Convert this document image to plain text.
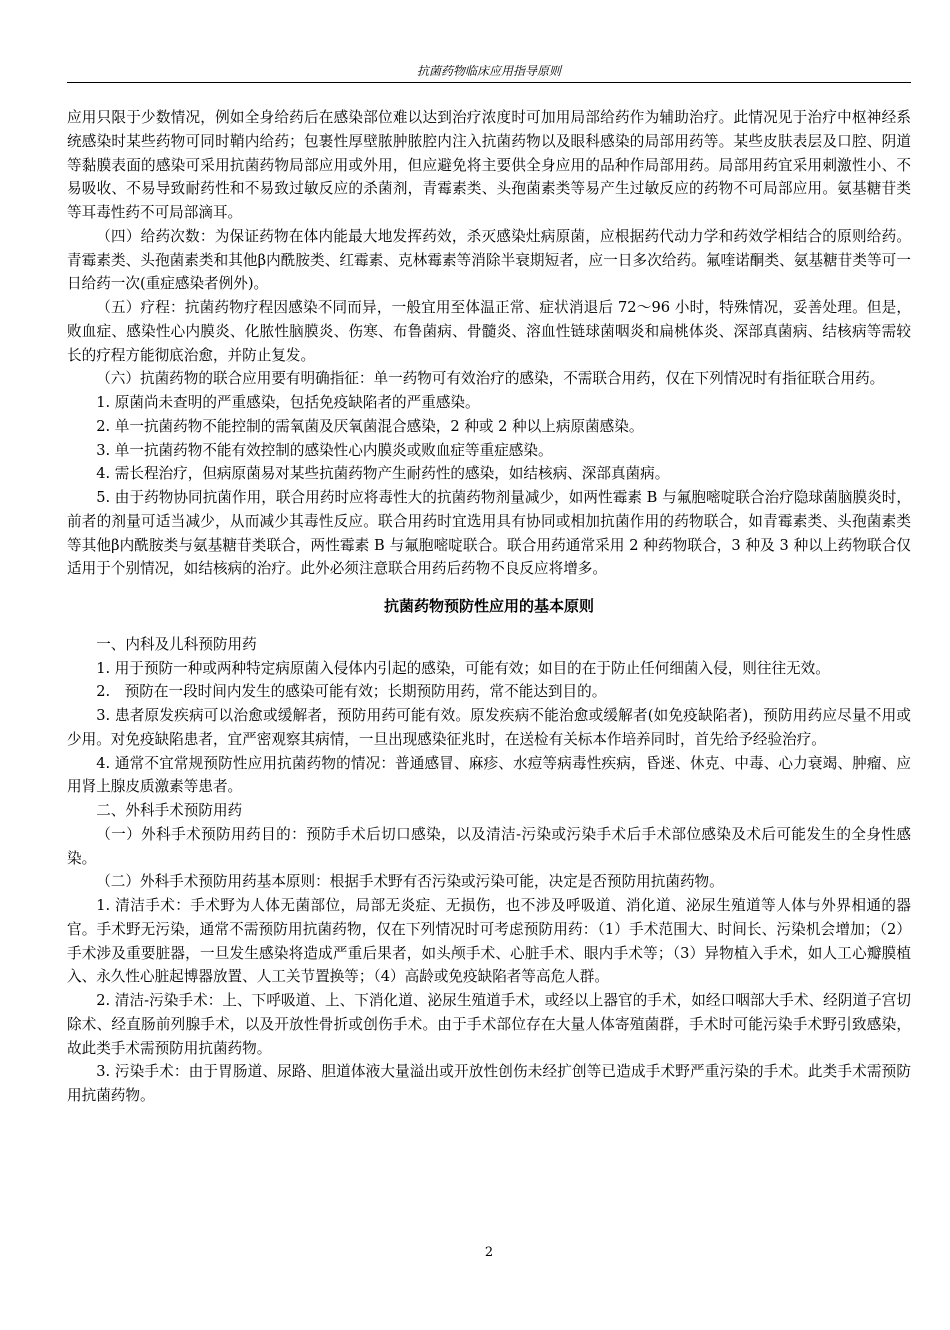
抗菌药物临床应用指导原则

应用只限于少数情况，例如全身给药后在感染部位难以达到治疗浓度时可加用局部给药作为辅助治疗。此情况见于治疗中枢神经系统感染时某些药物可同时鞘内给药；包裹性厚壁脓肿脓腔内注入抗菌药物以及眼科感染的局部用药等。某些皮肤表层及口腔、阴道等黏膜表面的感染可采用抗菌药物局部应用或外用，但应避免将主要供全身应用的品种作局部用药。局部用药宜采用刺激性小、不易吸收、不易导致耐药性和不易致过敏反应的杀菌剂，青霉素类、头孢菌素类等易产生过敏反应的药物不可局部应用。氨基糖苷类等耳毒性药不可局部滴耳。

（四）给药次数：为保证药物在体内能最大地发挥药效，杀灭感染灶病原菌，应根据药代动力学和药效学相结合的原则给药。青霉素类、头孢菌素类和其他β内酰胺类、红霉素、克林霉素等消除半衰期短者，应一日多次给药。氟喹诺酮类、氨基糖苷类等可一日给药一次(重症感染者例外)。

（五）疗程：抗菌药物疗程因感染不同而异，一般宜用至体温正常、症状消退后 72～96 小时，特殊情况，妥善处理。但是，败血症、感染性心内膜炎、化脓性脑膜炎、伤寒、布鲁菌病、骨髓炎、溶血性链球菌咽炎和扁桃体炎、深部真菌病、结核病等需较长的疗程方能彻底治愈，并防止复发。

（六）抗菌药物的联合应用要有明确指征：单一药物可有效治疗的感染，不需联合用药，仅在下列情况时有指征联合用药。

1. 原菌尚未查明的严重感染，包括免疫缺陷者的严重感染。

2. 单一抗菌药物不能控制的需氧菌及厌氧菌混合感染，2 种或 2 种以上病原菌感染。

3. 单一抗菌药物不能有效控制的感染性心内膜炎或败血症等重症感染。

4. 需长程治疗，但病原菌易对某些抗菌药物产生耐药性的感染，如结核病、深部真菌病。

5. 由于药物协同抗菌作用，联合用药时应将毒性大的抗菌药物剂量减少，如两性霉素 B 与氟胞嘧啶联合治疗隐球菌脑膜炎时，前者的剂量可适当减少，从而减少其毒性反应。联合用药时宜选用具有协同或相加抗菌作用的药物联合，如青霉素类、头孢菌素类等其他β内酰胺类与氨基糖苷类联合，两性霉素 B 与氟胞嘧啶联合。联合用药通常采用 2 种药物联合，3 种及 3 种以上药物联合仅适用于个别情况，如结核病的治疗。此外必须注意联合用药后药物不良反应将增多。

抗菌药物预防性应用的基本原则

一、内科及儿科预防用药

1. 用于预防一种或两种特定病原菌入侵体内引起的感染，可能有效；如目的在于防止任何细菌入侵，则往往无效。

2.　预防在一段时间内发生的感染可能有效；长期预防用药，常不能达到目的。

3. 患者原发疾病可以治愈或缓解者，预防用药可能有效。原发疾病不能治愈或缓解者(如免疫缺陷者)，预防用药应尽量不用或少用。对免疫缺陷患者，宜严密观察其病情，一旦出现感染征兆时，在送检有关标本作培养同时，首先给予经验治疗。

4. 通常不宜常规预防性应用抗菌药物的情况：普通感冒、麻疹、水痘等病毒性疾病，昏迷、休克、中毒、心力衰竭、肿瘤、应用肾上腺皮质激素等患者。

二、外科手术预防用药

（一）外科手术预防用药目的：预防手术后切口感染，以及清洁-污染或污染手术后手术部位感染及术后可能发生的全身性感染。

（二）外科手术预防用药基本原则：根据手术野有否污染或污染可能，决定是否预防用抗菌药物。

1. 清洁手术：手术野为人体无菌部位，局部无炎症、无损伤，也不涉及呼吸道、消化道、泌尿生殖道等人体与外界相通的器官。手术野无污染，通常不需预防用抗菌药物，仅在下列情况时可考虑预防用药：（1）手术范围大、时间长、污染机会增加；（2）手术涉及重要脏器，一旦发生感染将造成严重后果者，如头颅手术、心脏手术、眼内手术等；（3）异物植入手术，如人工心瓣膜植入、永久性心脏起博器放置、人工关节置换等；（4）高龄或免疫缺陷者等高危人群。

2. 清洁-污染手术：上、下呼吸道、上、下消化道、泌尿生殖道手术，或经以上器官的手术，如经口咽部大手术、经阴道子宫切除术、经直肠前列腺手术，以及开放性骨折或创伤手术。由于手术部位存在大量人体寄殖菌群，手术时可能污染手术野引致感染，故此类手术需预防用抗菌药物。

3. 污染手术：由于胃肠道、尿路、胆道体液大量溢出或开放性创伤未经扩创等已造成手术野严重污染的手术。此类手术需预防用抗菌药物。

2
